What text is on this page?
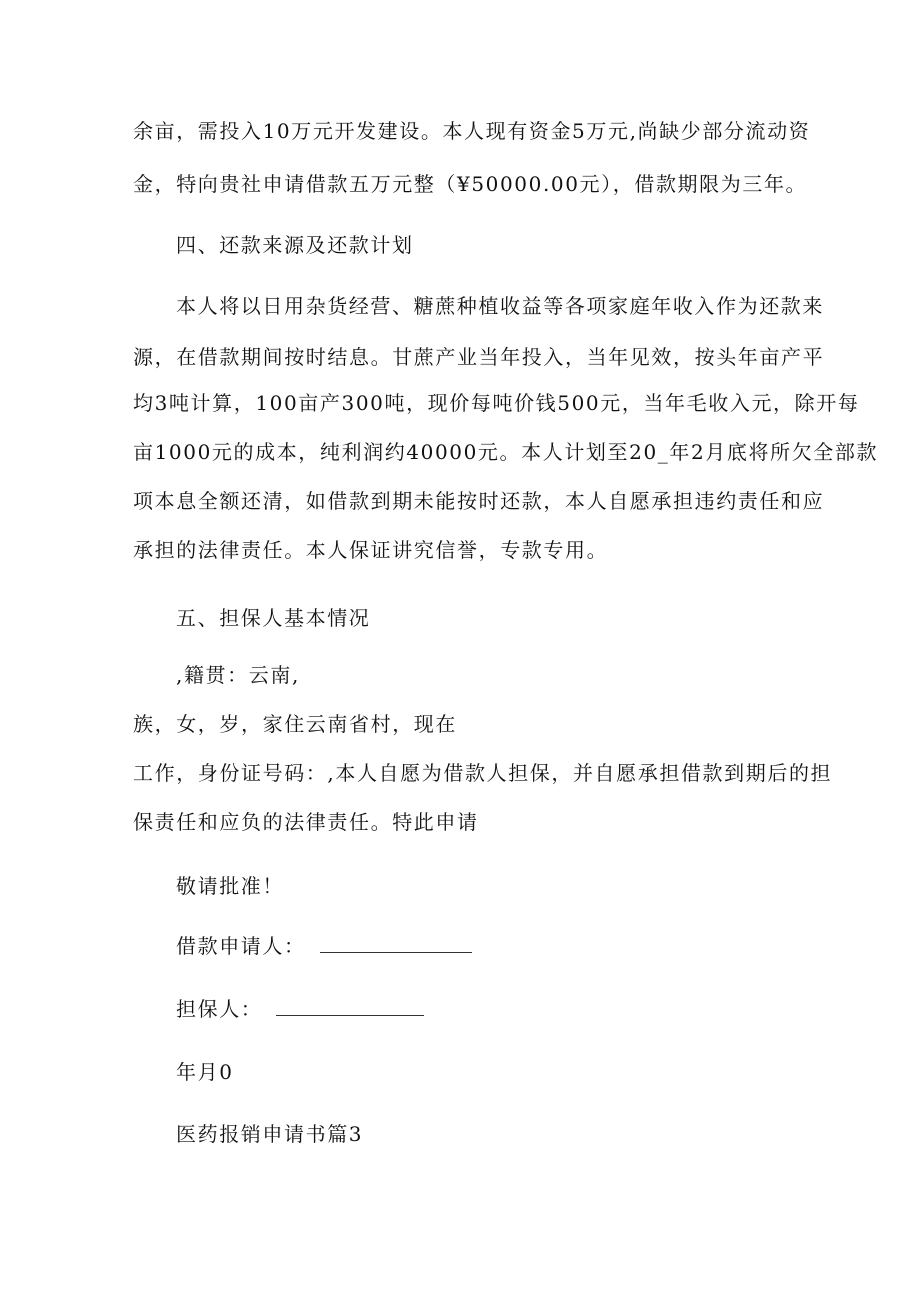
余亩，需投入10万元开发建设。本人现有资金5万元,尚缺少部分流动资
金，特向贵社申请借款五万元整（¥50000.00元），借款期限为三年。
四、还款来源及还款计划
本人将以日用杂货经营、糖蔗种植收益等各项家庭年收入作为还款来
源，在借款期间按时结息。甘蔗产业当年投入，当年见效，按头年亩产平
均3吨计算，100亩产300吨，现价每吨价钱500元，当年毛收入元，除开每
亩1000元的成本，纯利润约40000元。本人计划至20_年2月底将所欠全部款
项本息全额还清，如借款到期未能按时还款，本人自愿承担违约责任和应
承担的法律责任。本人保证讲究信誉，专款专用。
五、担保人基本情况
,籍贯：云南,
族，女，岁，家住云南省村，现在
工作，身份证号码：,本人自愿为借款人担保，并自愿承担借款到期后的担
保责任和应负的法律责任。特此申请
敬请批准！
借款申请人：
担保人：
年月0
医药报销申请书篇3
